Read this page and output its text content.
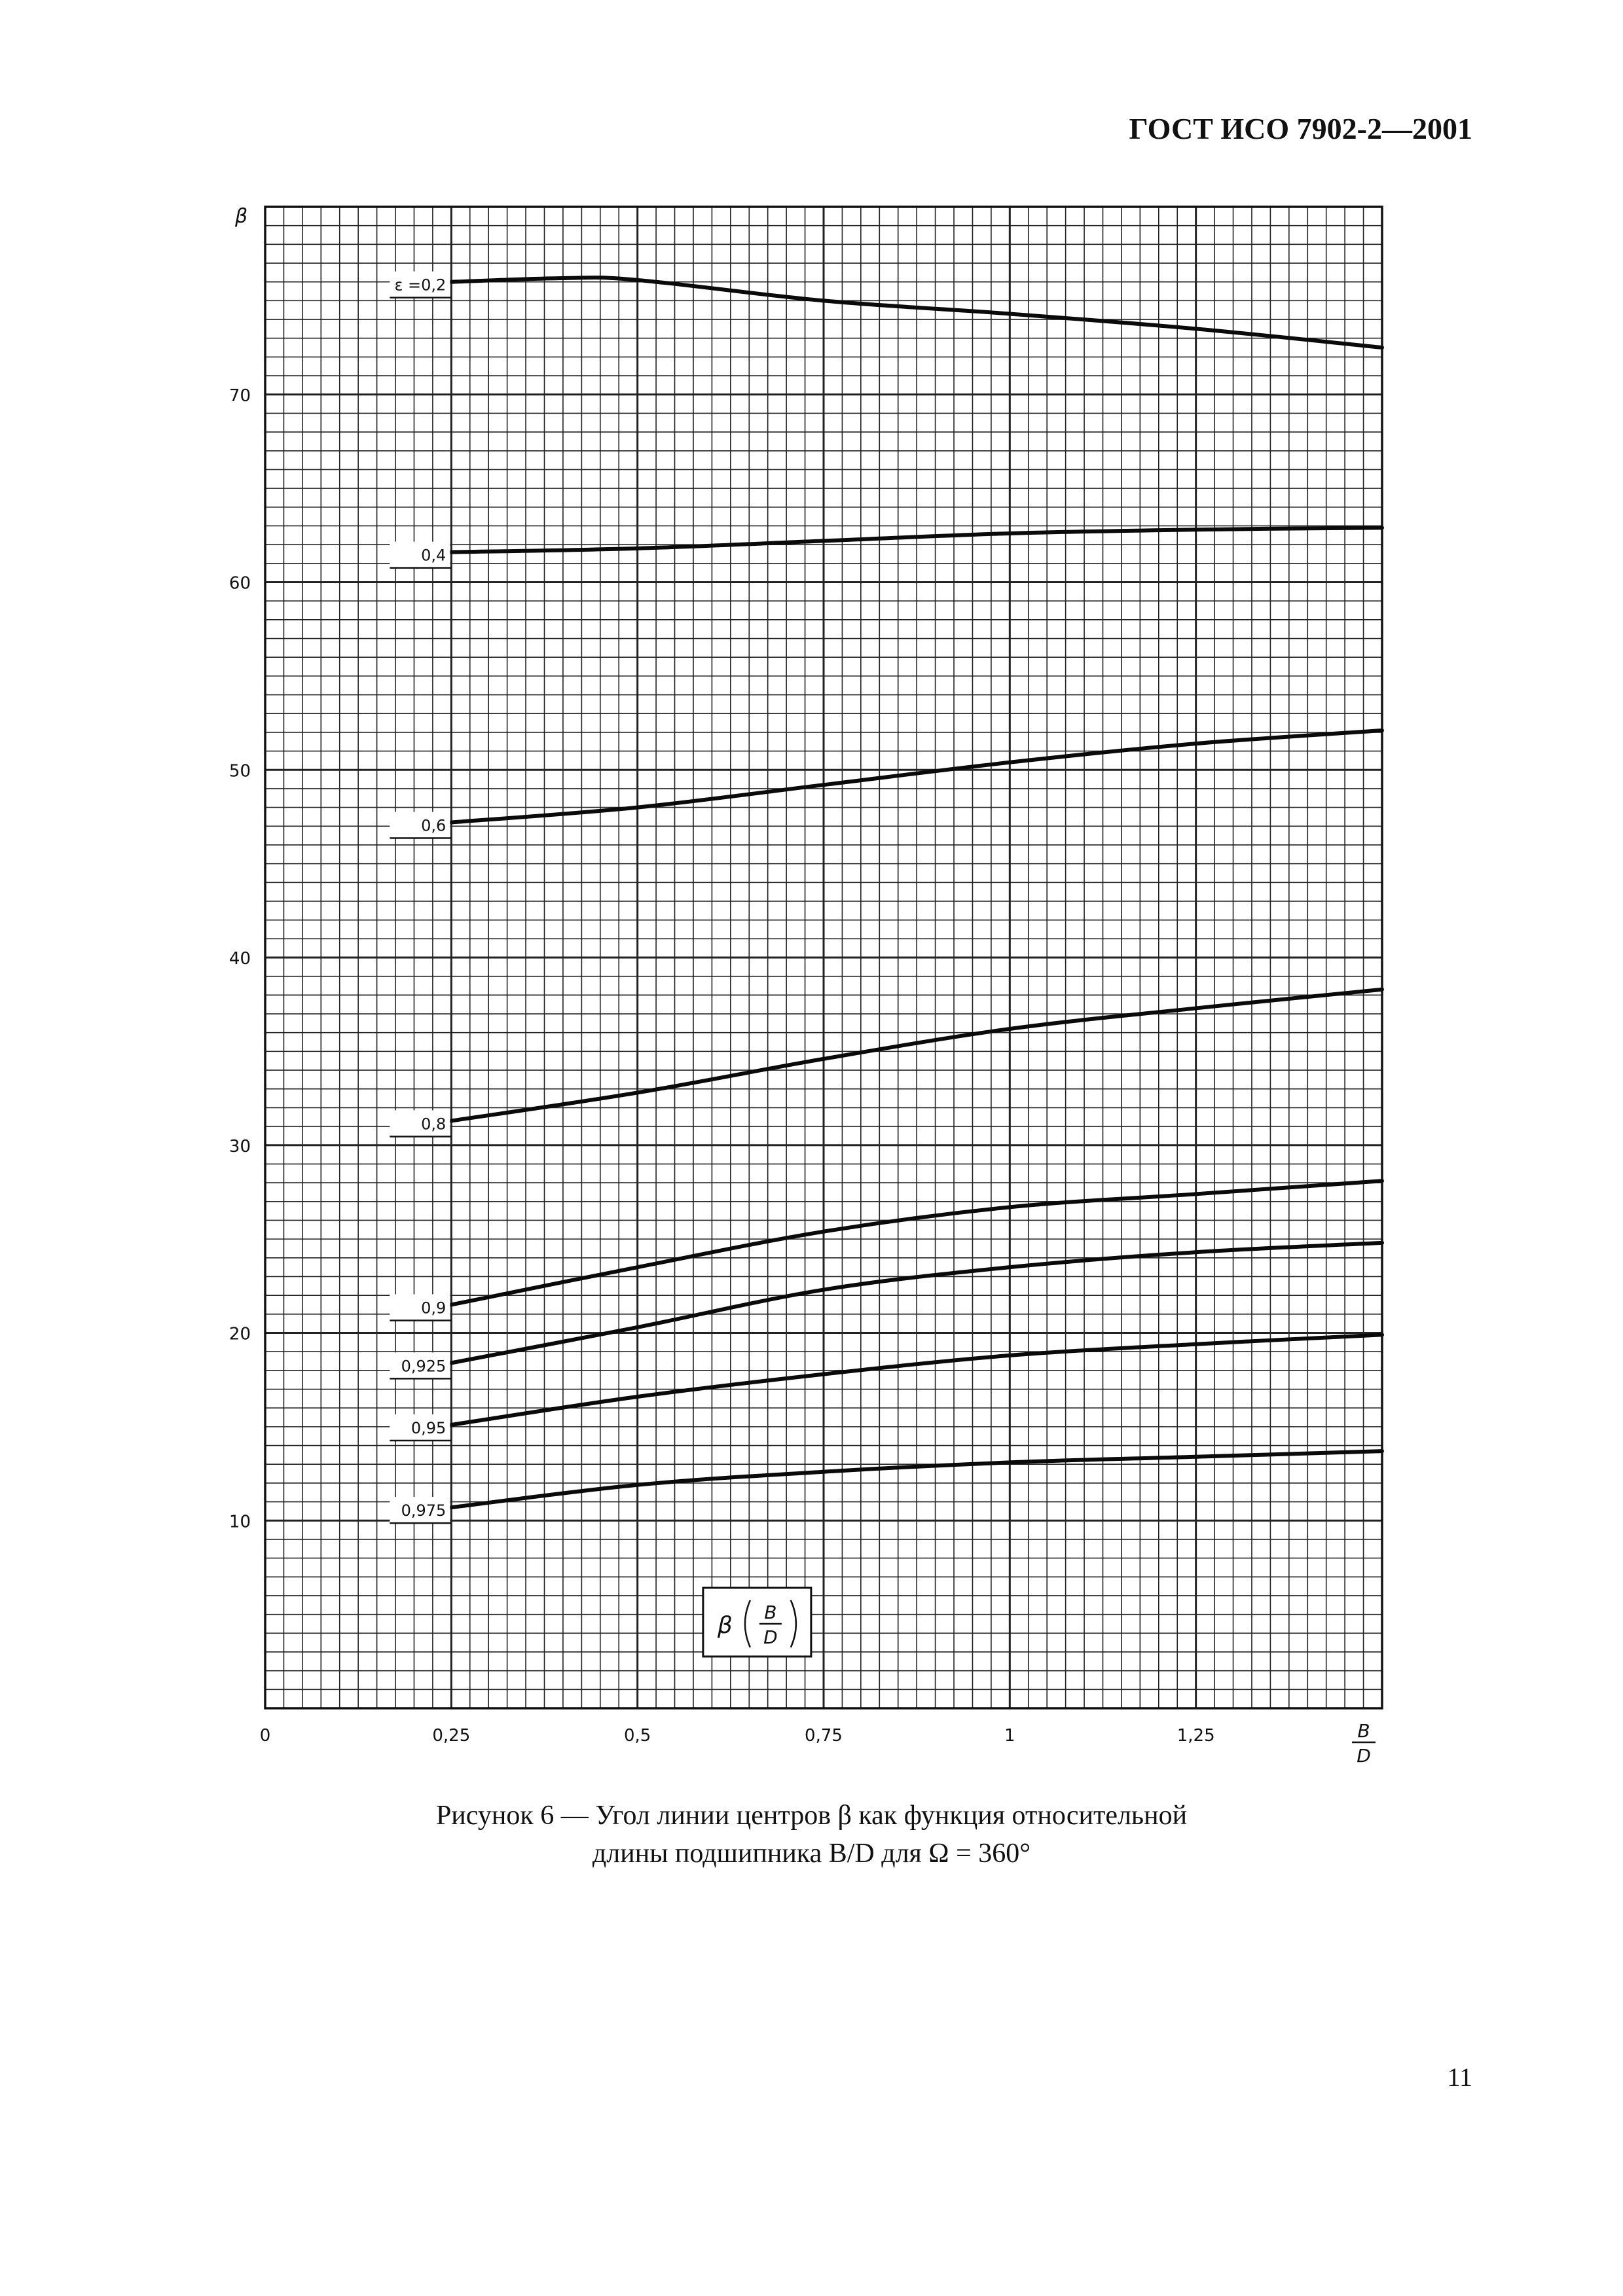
ГОСТ ИСО 7902-2—2001
ε =0,2
0,4
0,6
0,8
0,9
0,925
0,95
0,975
10
20
30
40
50
60
70
0	0,25	0,5	0,75	1	1,25
β B
D
β
B
D
Рисунок 6 — Угол линии центров β как функция относительной
длины подшипника B/D для Ω = 360°
11
